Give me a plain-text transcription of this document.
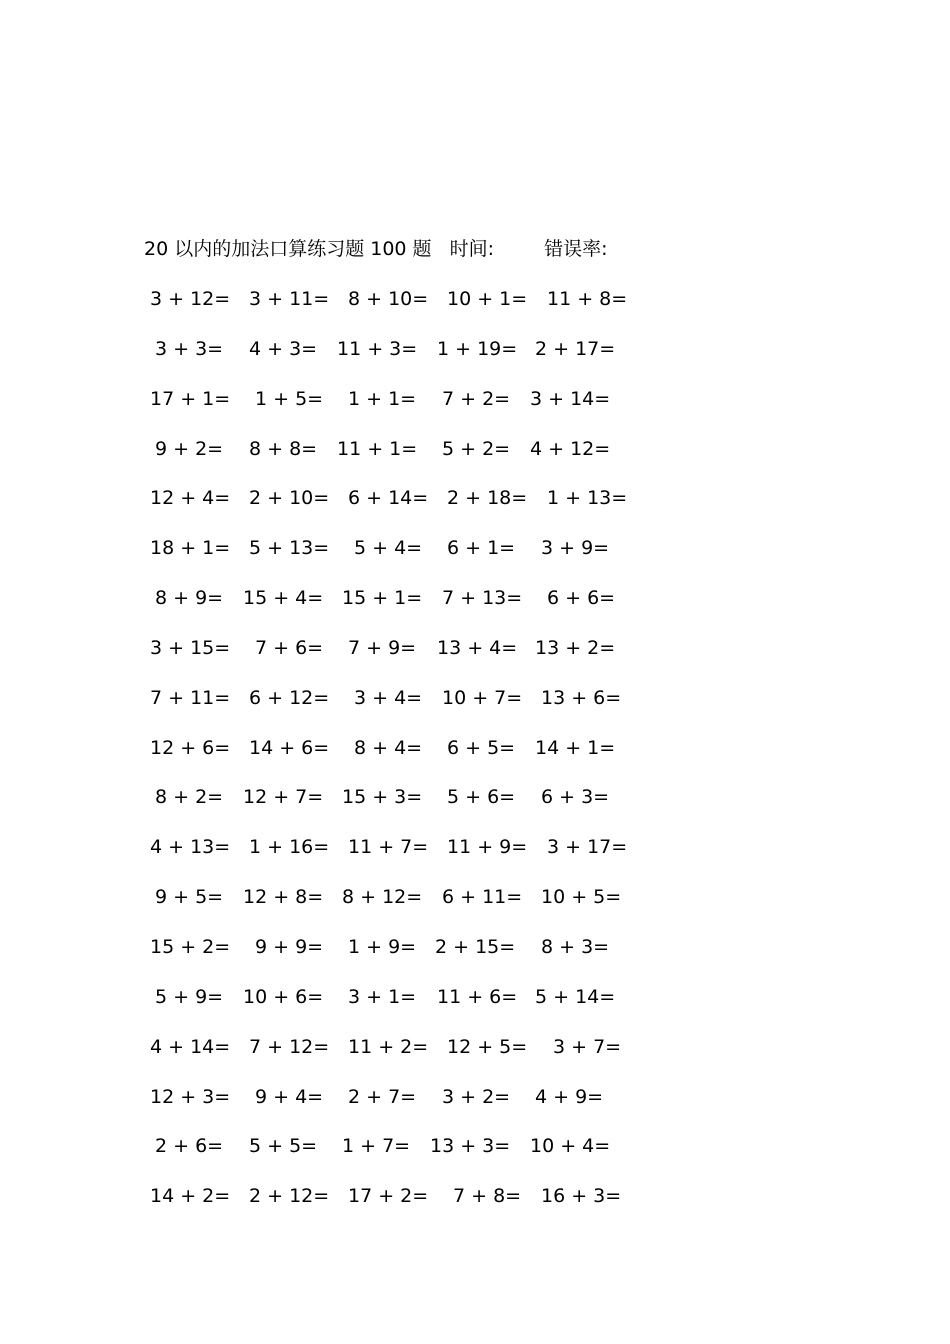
20 以内的加法口算练习题 100 题 时间:	错误率:
3 + 12= 3 + 11= 8 + 10= 10 + 1= 11 + 8=
3 + 3= 4 + 3= 11 + 3= 1 + 19= 2 + 17=
17 + 1= 1 + 5= 1 + 1= 7 + 2= 3 + 14=
9 + 2= 8 + 8= 11 + 1= 5 + 2= 4 + 12=
12 + 4= 2 + 10= 6 + 14= 2 + 18= 1 + 13=
18 + 1= 5 + 13= 5 + 4= 6 + 1= 3 + 9=
8 + 9= 15 + 4= 15 + 1= 7 + 13= 6 + 6=
3 + 15= 7 + 6= 7 + 9= 13 + 4= 13 + 2=
7 + 11= 6 + 12= 3 + 4= 10 + 7= 13 + 6=
12 + 6= 14 + 6= 8 + 4= 6 + 5= 14 + 1=
8 + 2= 12 + 7= 15 + 3= 5 + 6= 6 + 3=
4 + 13= 1 + 16= 11 + 7= 11 + 9= 3 + 17=
9 + 5= 12 + 8= 8 + 12= 6 + 11= 10 + 5=
15 + 2= 9 + 9= 1 + 9= 2 + 15= 8 + 3=
5 + 9= 10 + 6= 3 + 1= 11 + 6= 5 + 14=
4 + 14= 7 + 12= 11 + 2= 12 + 5= 3 + 7=
12 + 3= 9 + 4= 2 + 7= 3 + 2= 4 + 9=
2 + 6= 5 + 5= 1 + 7= 13 + 3= 10 + 4=
14 + 2= 2 + 12= 17 + 2= 7 + 8= 16 + 3=
